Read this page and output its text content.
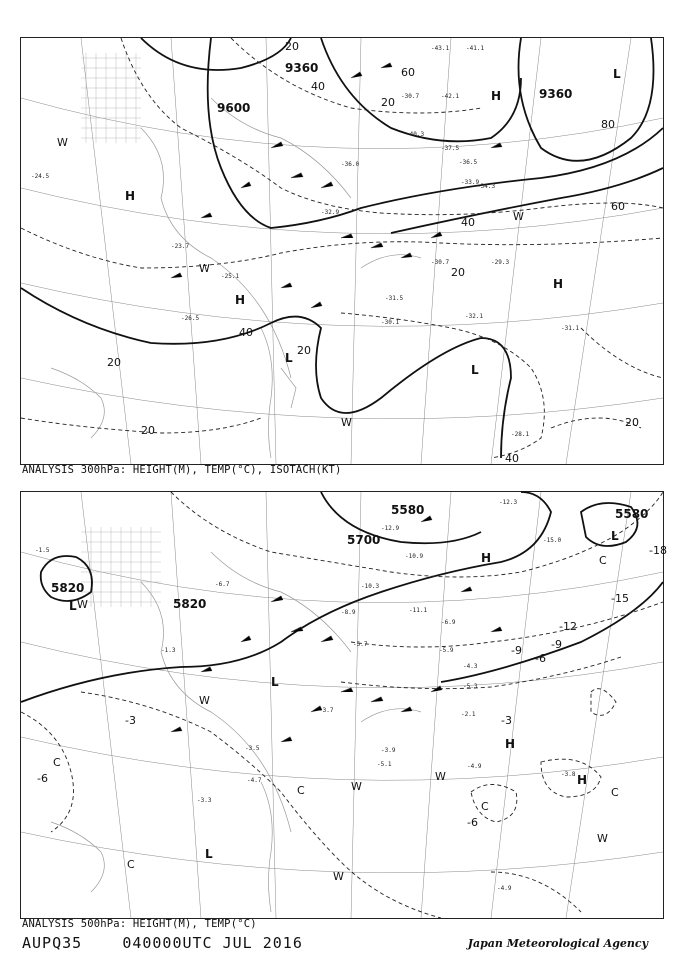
9360
9600
9360
20
40
60
80
20
40
60
20
40
20
20
20
20
40
H
H
H
L
L
L
H
W
W
W
W
-43.1	-41.1
-40.3
-42.1
-37.5
-36.5
-33.9
-31.5
-30.1
-32.1
-31.1
-29.3
-28.1
-25.1
-23.7
-24.5
-30.7
-36.0
-34.3
-32.9
-30.7
-26.5
ANALYSIS 300hPa: HEIGHT(M), TEMP(°C), ISOTACH(KT)
5820
5820
5700
5580	5580
-3
-6
-9
-12
-15
-18
-3
-6
-6
-9
L
L
L
H
H
L
H
W
W
W
W
W
W
C
C
C
C
C
C
-12.3
-12.9
-15.0
-10.9
-10.3
-11.1
-8.9
-6.9
-5.7
-5.9
-5.3
-4.3
-4.9
-3.9
-3.7
-3.5
-4.7
-3.3
-2.1
-1.5
-1.3
-6.7
-5.1
-4.9
-3.8
ANALYSIS 500hPa: HEIGHT(M), TEMP(°C)
AUPQ35	040000UTC JUL 2016	Japan Meteorological Agency
